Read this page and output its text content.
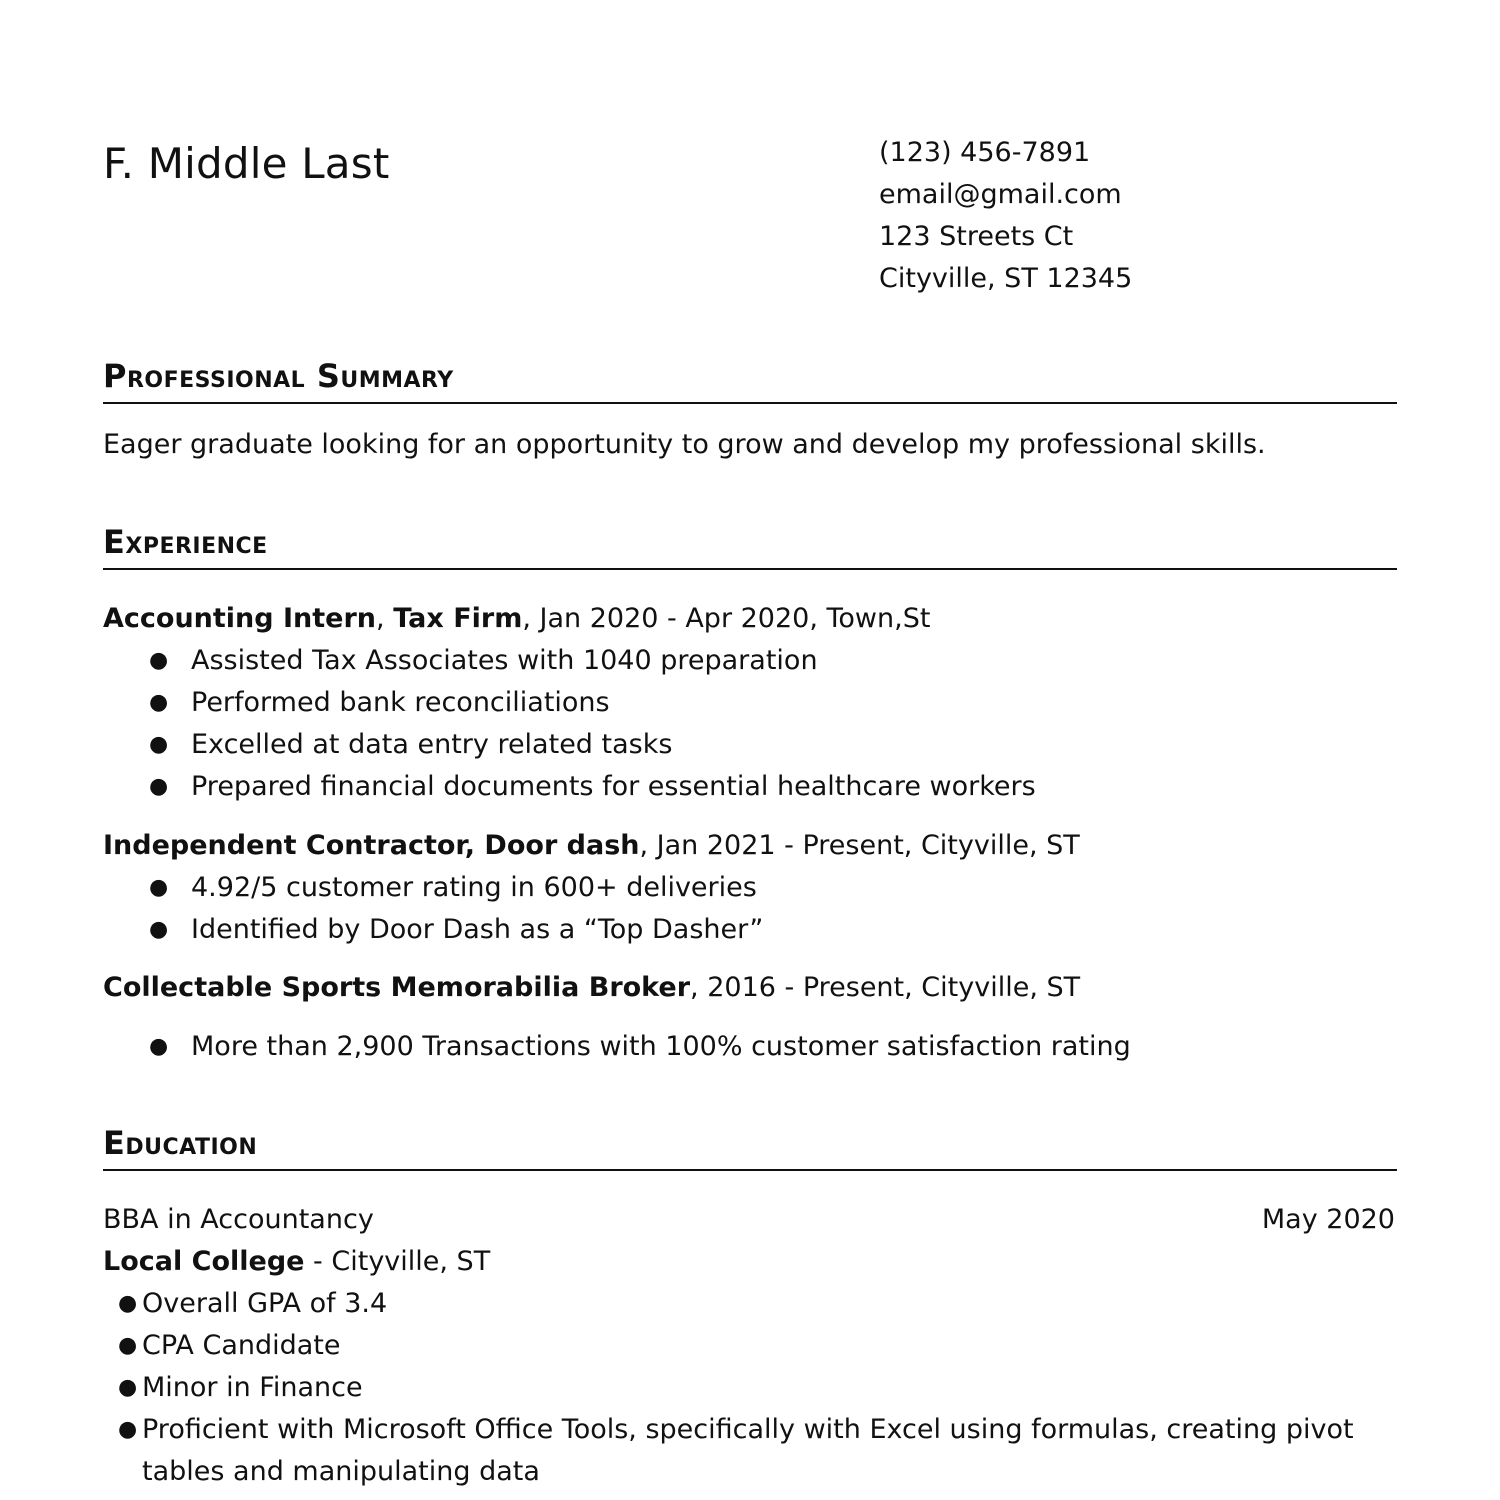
F. Middle Last	(123) 456-7891
email@gmail.com
123 Streets Ct
Cityville, ST 12345
Professional Summary
Eager graduate looking for an opportunity to grow and develop my professional skills.
Experience
Accounting Intern, Tax Firm, Jan 2020 - Apr 2020, Town,St
● Assisted Tax Associates with 1040 preparation
● Performed bank reconciliations
● Excelled at data entry related tasks
● Prepared financial documents for essential healthcare workers
Independent Contractor, Door dash, Jan 2021 - Present, Cityville, ST
● 4.92/5 customer rating in 600+ deliveries
● Identified by Door Dash as a “Top Dasher”
Collectable Sports Memorabilia Broker, 2016 - Present, Cityville, ST
● More than 2,900 Transactions with 100% customer satisfaction rating
Education
BBA in Accountancy	May 2020
Local College - Cityville, ST
● Overall GPA of 3.4
● CPA Candidate
● Minor in Finance
● Proficient with Microsoft Office Tools, specifically with Excel using formulas, creating pivot tables and manipulating data
